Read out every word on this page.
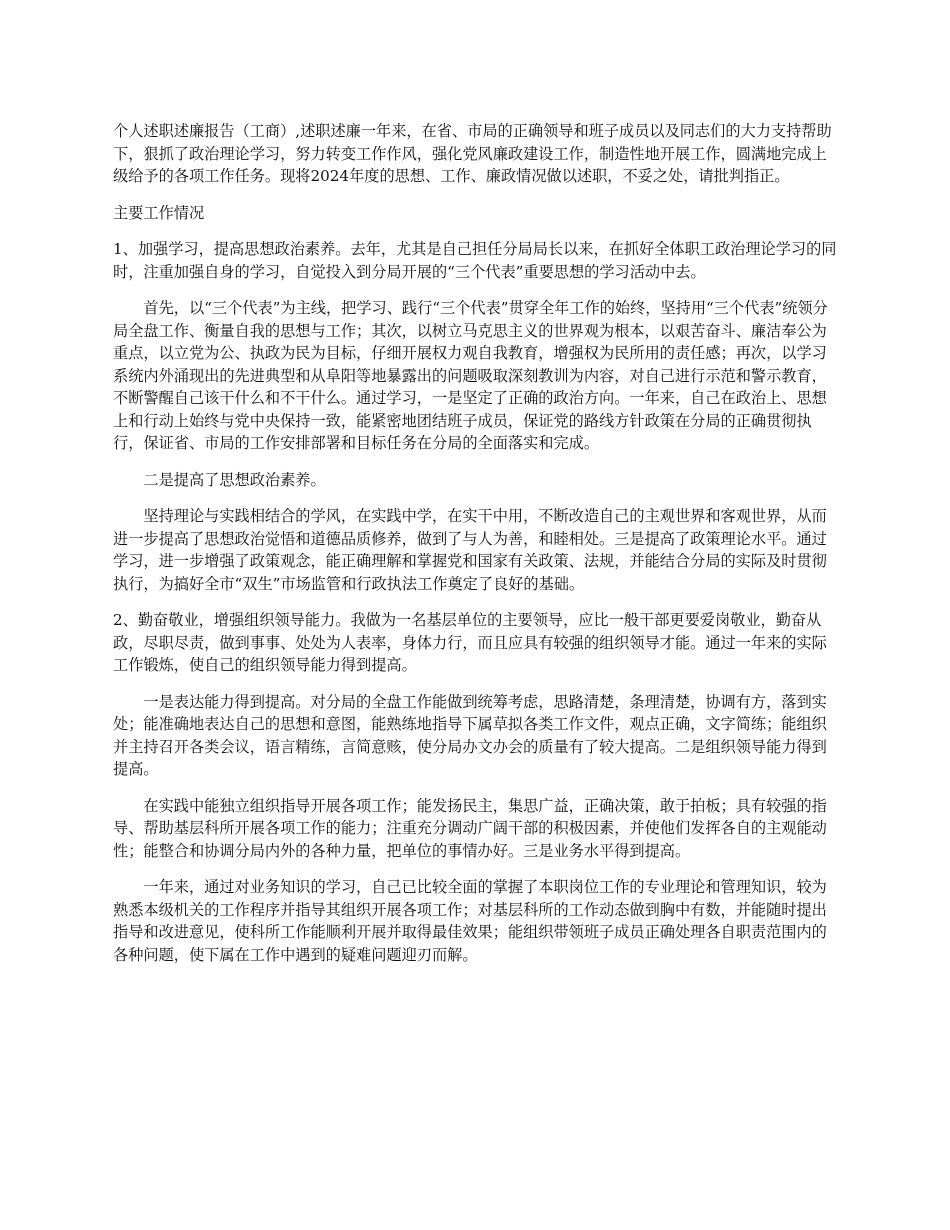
个人述职述廉报告（工商）,述职述廉一年来，在省、市局的正确领导和班子成员以及同志们的大力支持帮助下，狠抓了政治理论学习，努力转变工作作风，强化党风廉政建设工作，制造性地开展工作，圆满地完成上级给予的各项工作任务。现将2024年度的思想、工作、廉政情况做以述职，不妥之处，请批判指正。

主要工作情况

1、加强学习，提高思想政治素养。去年，尤其是自己担任分局局长以来，在抓好全体职工政治理论学习的同时，注重加强自身的学习，自觉投入到分局开展的“三个代表”重要思想的学习活动中去。

首先，以“三个代表”为主线，把学习、践行“三个代表”贯穿全年工作的始终，坚持用“三个代表”统领分局全盘工作、衡量自我的思想与工作；其次，以树立马克思主义的世界观为根本，以艰苦奋斗、廉洁奉公为重点，以立党为公、执政为民为目标，仔细开展权力观自我教育，增强权为民所用的责任感；再次，以学习系统内外涌现出的先进典型和从阜阳等地暴露出的问题吸取深刻教训为内容，对自己进行示范和警示教育，不断警醒自己该干什么和不干什么。通过学习，一是坚定了正确的政治方向。一年来，自己在政治上、思想上和行动上始终与党中央保持一致，能紧密地团结班子成员，保证党的路线方针政策在分局的正确贯彻执行，保证省、市局的工作安排部署和目标任务在分局的全面落实和完成。

二是提高了思想政治素养。

坚持理论与实践相结合的学风，在实践中学，在实干中用，不断改造自己的主观世界和客观世界，从而进一步提高了思想政治觉悟和道德品质修养，做到了与人为善，和睦相处。三是提高了政策理论水平。通过学习，进一步增强了政策观念，能正确理解和掌握党和国家有关政策、法规，并能结合分局的实际及时贯彻执行，为搞好全市“双生”市场监管和行政执法工作奠定了良好的基础。

2、勤奋敬业，增强组织领导能力。我做为一名基层单位的主要领导，应比一般干部更要爱岗敬业，勤奋从政，尽职尽责，做到事事、处处为人表率，身体力行，而且应具有较强的组织领导才能。通过一年来的实际工作锻炼，使自己的组织领导能力得到提高。

一是表达能力得到提高。对分局的全盘工作能做到统筹考虑，思路清楚，条理清楚，协调有方，落到实处；能准确地表达自己的思想和意图，能熟练地指导下属草拟各类工作文件，观点正确，文字简练；能组织并主持召开各类会议，语言精练，言简意赅，使分局办文办会的质量有了较大提高。二是组织领导能力得到提高。

在实践中能独立组织指导开展各项工作；能发扬民主，集思广益，正确决策，敢于拍板；具有较强的指导、帮助基层科所开展各项工作的能力；注重充分调动广阔干部的积极因素，并使他们发挥各自的主观能动性；能整合和协调分局内外的各种力量，把单位的事情办好。三是业务水平得到提高。

一年来，通过对业务知识的学习，自己已比较全面的掌握了本职岗位工作的专业理论和管理知识，较为熟悉本级机关的工作程序并指导其组织开展各项工作；对基层科所的工作动态做到胸中有数，并能随时提出指导和改进意见，使科所工作能顺利开展并取得最佳效果；能组织带领班子成员正确处理各自职责范围内的各种问题，使下属在工作中遇到的疑难问题迎刃而解。
